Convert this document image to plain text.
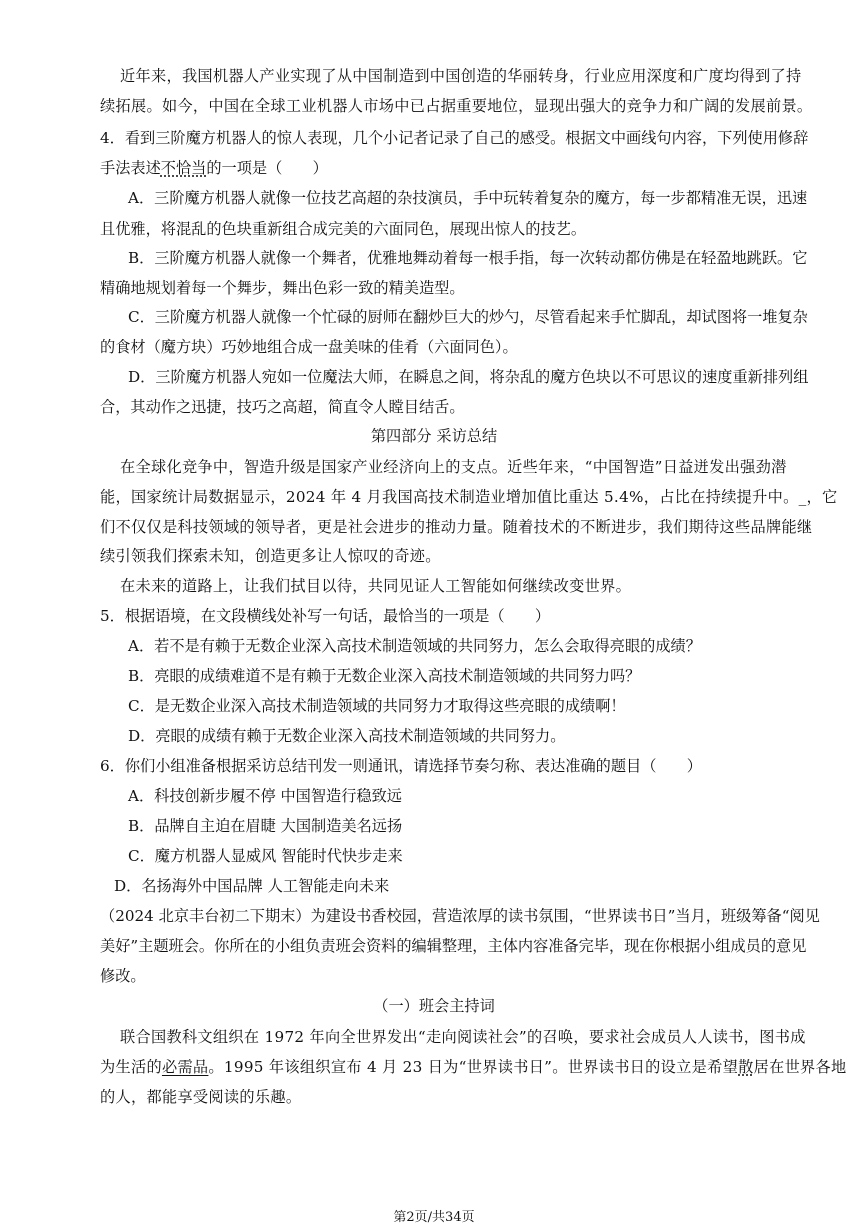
近年来，我国机器人产业实现了从中国制造到中国创造的华丽转身，行业应用深度和广度均得到了持
续拓展。如今，中国在全球工业机器人市场中已占据重要地位，显现出强大的竞争力和广阔的发展前景。
4．看到三阶魔方机器人的惊人表现，几个小记者记录了自己的感受。根据文中画线句内容，下列使用修辞
手法表述不恰当的一项是（　　）
A．三阶魔方机器人就像一位技艺高超的杂技演员，手中玩转着复杂的魔方，每一步都精准无误，迅速
且优雅，将混乱的色块重新组合成完美的六面同色，展现出惊人的技艺。
B．三阶魔方机器人就像一个舞者，优雅地舞动着每一根手指，每一次转动都仿佛是在轻盈地跳跃。它
精确地规划着每一个舞步，舞出色彩一致的精美造型。
C．三阶魔方机器人就像一个忙碌的厨师在翻炒巨大的炒勺，尽管看起来手忙脚乱，却试图将一堆复杂
的食材（魔方块）巧妙地组合成一盘美味的佳肴（六面同色）。
D．三阶魔方机器人宛如一位魔法大师，在瞬息之间，将杂乱的魔方色块以不可思议的速度重新排列组
合，其动作之迅捷，技巧之高超，简直令人瞠目结舌。
第四部分 采访总结
在全球化竞争中，智造升级是国家产业经济向上的支点。近些年来，“中国智造”日益迸发出强劲潜
能，国家统计局数据显示，2024 年 4 月我国高技术制造业增加值比重达 5.4%，占比在持续提升中。_，它
们不仅仅是科技领域的领导者，更是社会进步的推动力量。随着技术的不断进步，我们期待这些品牌能继
续引领我们探索未知，创造更多让人惊叹的奇迹。
在未来的道路上，让我们拭目以待，共同见证人工智能如何继续改变世界。
5．根据语境，在文段横线处补写一句话，最恰当的一项是（　　）
A．若不是有赖于无数企业深入高技术制造领域的共同努力，怎么会取得亮眼的成绩？
B．亮眼的成绩难道不是有赖于无数企业深入高技术制造领域的共同努力吗？
C．是无数企业深入高技术制造领域的共同努力才取得这些亮眼的成绩啊！
D．亮眼的成绩有赖于无数企业深入高技术制造领域的共同努力。
6．你们小组准备根据采访总结刊发一则通讯，请选择节奏匀称、表达准确的题目（　　）
A．科技创新步履不停 中国智造行稳致远
B．品牌自主迫在眉睫 大国制造美名远扬
C．魔方机器人显威风 智能时代快步走来
D．名扬海外中国品牌 人工智能走向未来
（2024 北京丰台初二下期末）为建设书香校园，营造浓厚的读书氛围，“世界读书日”当月，班级筹备“阅见
美好”主题班会。你所在的小组负责班会资料的编辑整理，主体内容准备完毕，现在你根据小组成员的意见
修改。
（一）班会主持词
联合国教科文组织在 1972 年向全世界发出“走向阅读社会”的召唤，要求社会成员人人读书，图书成
为生活的必需品。1995 年该组织宣布 4 月 23 日为“世界读书日”。世界读书日的设立是希望散居在世界各地
的人，都能享受阅读的乐趣。
第2页/共34页
